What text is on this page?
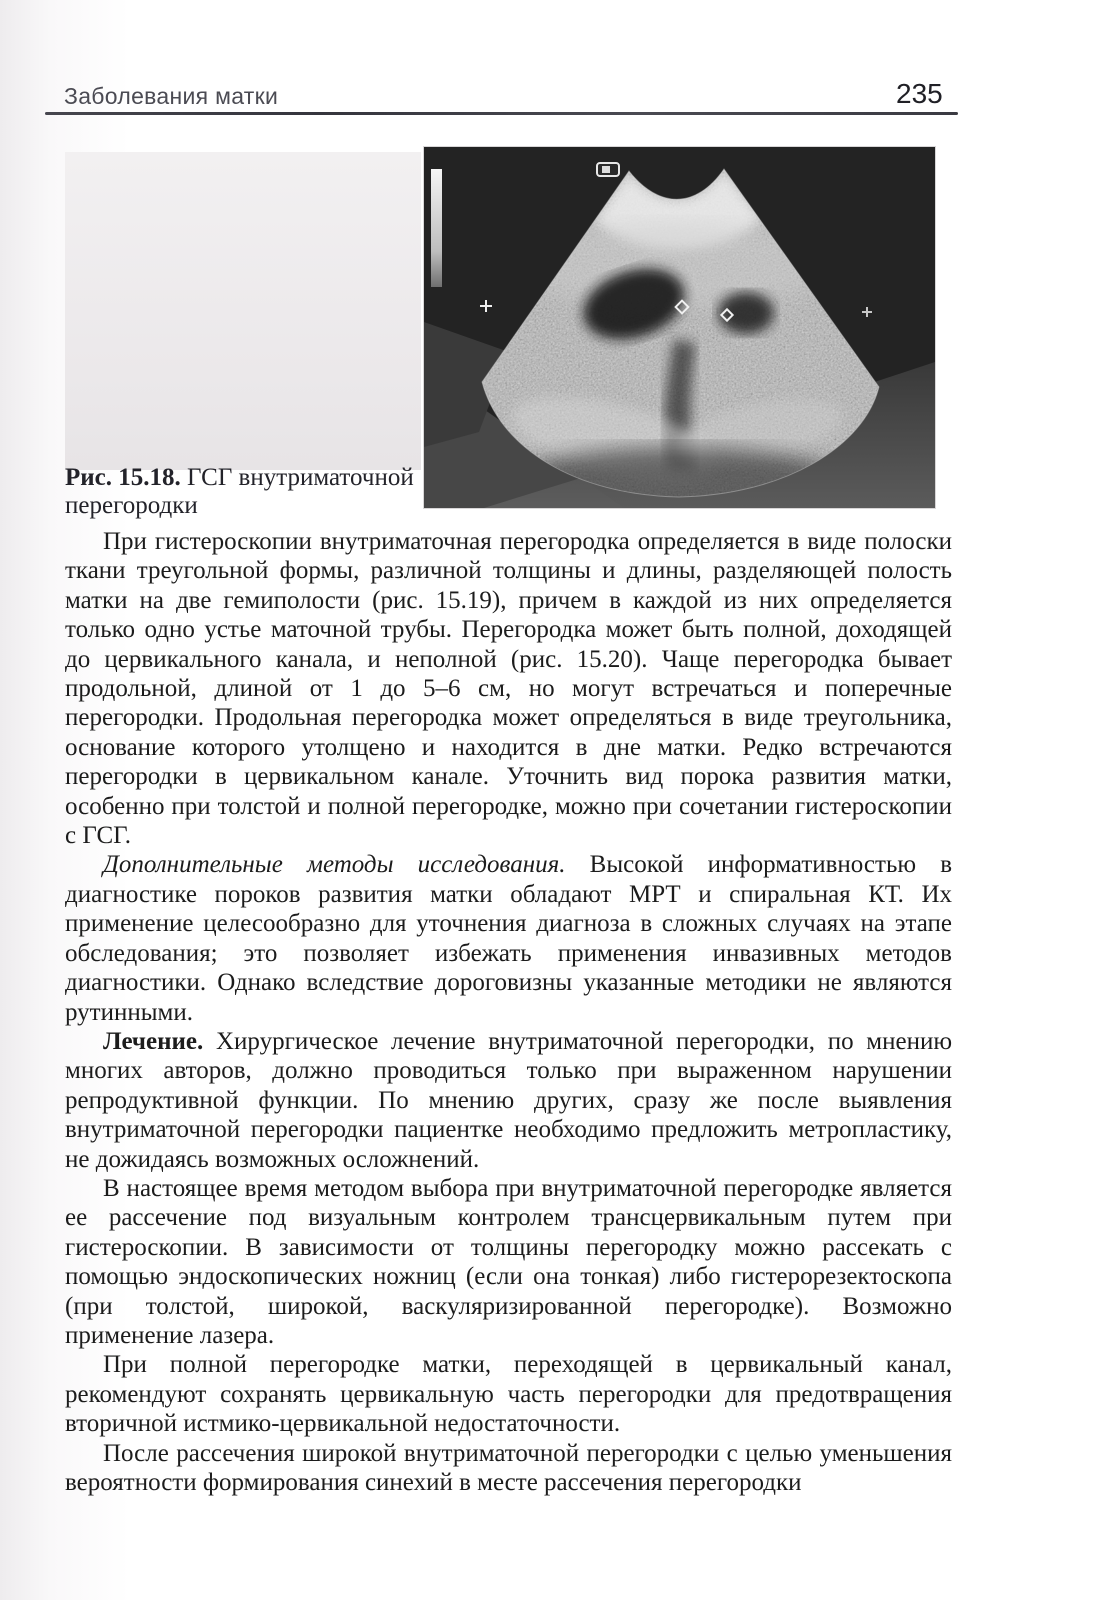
Заболевания матки	235
Рис. 15.18. ГСГ внутриматочной перегородки

При гистероскопии внутриматочная перегородка определяется в виде полоски ткани треугольной формы, различной толщины и длины, разделяющей полость матки на две гемиполости (рис. 15.19), причем в каждой из них определяется только одно устье маточной трубы. Перегородка может быть полной, доходящей до цервикального канала, и неполной (рис. 15.20). Чаще перегородка бывает продольной, длиной от 1 до 5–6 см, но могут встречаться и поперечные перегородки. Продольная перегородка может определяться в виде треугольника, основание которого утолщено и находится в дне матки. Редко встречаются перегородки в цервикальном канале. Уточнить вид порока развития матки, особенно при толстой и полной перегородке, можно при сочетании гистероскопии с ГСГ.

Дополнительные методы исследования. Высокой информативностью в диагностике пороков развития матки обладают МРТ и спиральная КТ. Их применение целесообразно для уточнения диагноза в сложных случаях на этапе обследования; это позволяет избежать применения инвазивных методов диагностики. Однако вследствие дороговизны указанные методики не являются рутинными.

Лечение. Хирургическое лечение внутриматочной перегородки, по мнению многих авторов, должно проводиться только при выраженном нарушении репродуктивной функции. По мнению других, сразу же после выявления внутриматочной перегородки пациентке необходимо предложить метропластику, не дожидаясь возможных осложнений.

В настоящее время методом выбора при внутриматочной перегородке является ее рассечение под визуальным контролем трансцервикальным путем при гистероскопии. В зависимости от толщины перегородку можно рассекать с помощью эндоскопических ножниц (если она тонкая) либо гистерорезектоскопа (при толстой, широкой, васкуляризированной перегородке). Возможно применение лазера.

При полной перегородке матки, переходящей в цервикальный канал, рекомендуют сохранять цервикальную часть перегородки для предотвращения вторичной истмико-цервикальной недостаточности.

После рассечения широкой внутриматочной перегородки с целью уменьшения вероятности формирования синехий в месте рассечения перегородки
